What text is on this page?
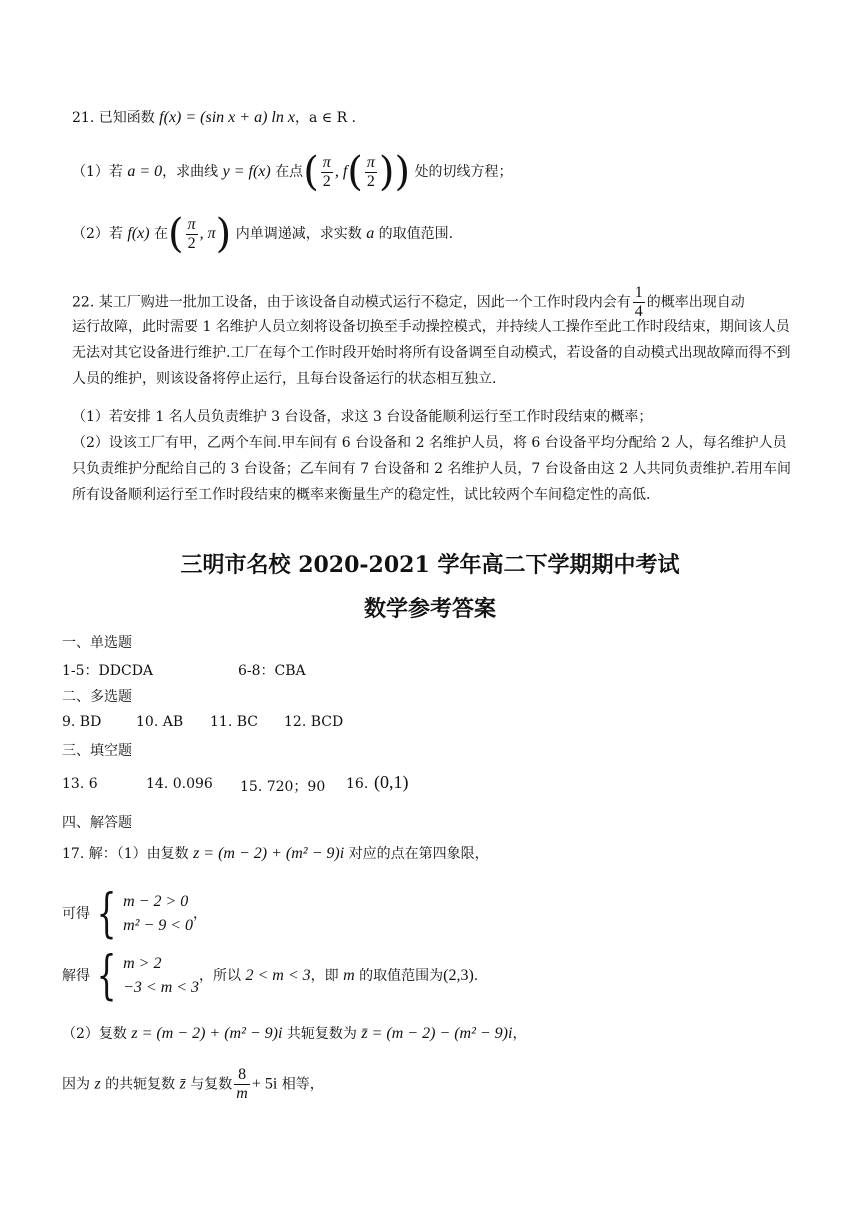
21. 已知函数 f(x) = (sin x + a) ln x，a ∈ R .
（1）若 a = 0，求曲线 y = f(x) 在点( $\frac{\pi}{2}$ , $f( \frac{\pi}{2}$ )) 处的切线方程；
（2）若 f(x) 在( $\frac{\pi}{2}$ , π) 内单调递减，求实数 a 的取值范围.
22. 某工厂购进一批加工设备，由于该设备自动模式运行不稳定，因此一个工作时段内会有 $\frac{1}{4}$ 的概率出现自动
运行故障，此时需要 1 名维护人员立刻将设备切换至手动操控模式，并持续人工操作至此工作时段结束，期间该人员无法对其它设备进行维护.工厂在每个工作时段开始时将所有设备调至自动模式，若设备的自动模式出现故障而得不到人员的维护，则该设备将停止运行，且每台设备运行的状态相互独立.
（1）若安排 1 名人员负责维护 3 台设备，求这 3 台设备能顺利运行至工作时段结束的概率；
（2）设该工厂有甲，乙两个车间.甲车间有 6 台设备和 2 名维护人员，将 6 台设备平均分配给 2 人，每名维护人员只负责维护分配给自己的 3 台设备；乙车间有 7 台设备和 2 名维护人员，7 台设备由这 2 人共同负责维护.若用车间所有设备顺利运行至工作时段结束的概率来衡量生产的稳定性，试比较两个车间稳定性的高低.
三明市名校 2020-2021 学年高二下学期期中考试
数学参考答案
一、单选题
1-5：DDCDA	6-8：CBA
二、多选题
9. BD 10. AB 11. BC 12. BCD
三、填空题
13. 6	14. 0.096 15. 720；90 16. (0,1)
四、解答题
17. 解：（1）由复数 z = (m − 2) + (m² − 9)i 对应的点在第四象限，
可得 { m − 2 > 0
m² − 9 < 0
，
解得 { m > 2
−3 < m < 3
，所以 2 < m < 3，即 m 的取值范围为(2,3).
（2）复数 z = (m − 2) + (m² − 9)i 共轭复数为 z̄ = (m − 2) − (m² − 9)i，
因为 z 的共轭复数 z̄ 与复数 $\frac{8}{m} + 5i$ 相等，
